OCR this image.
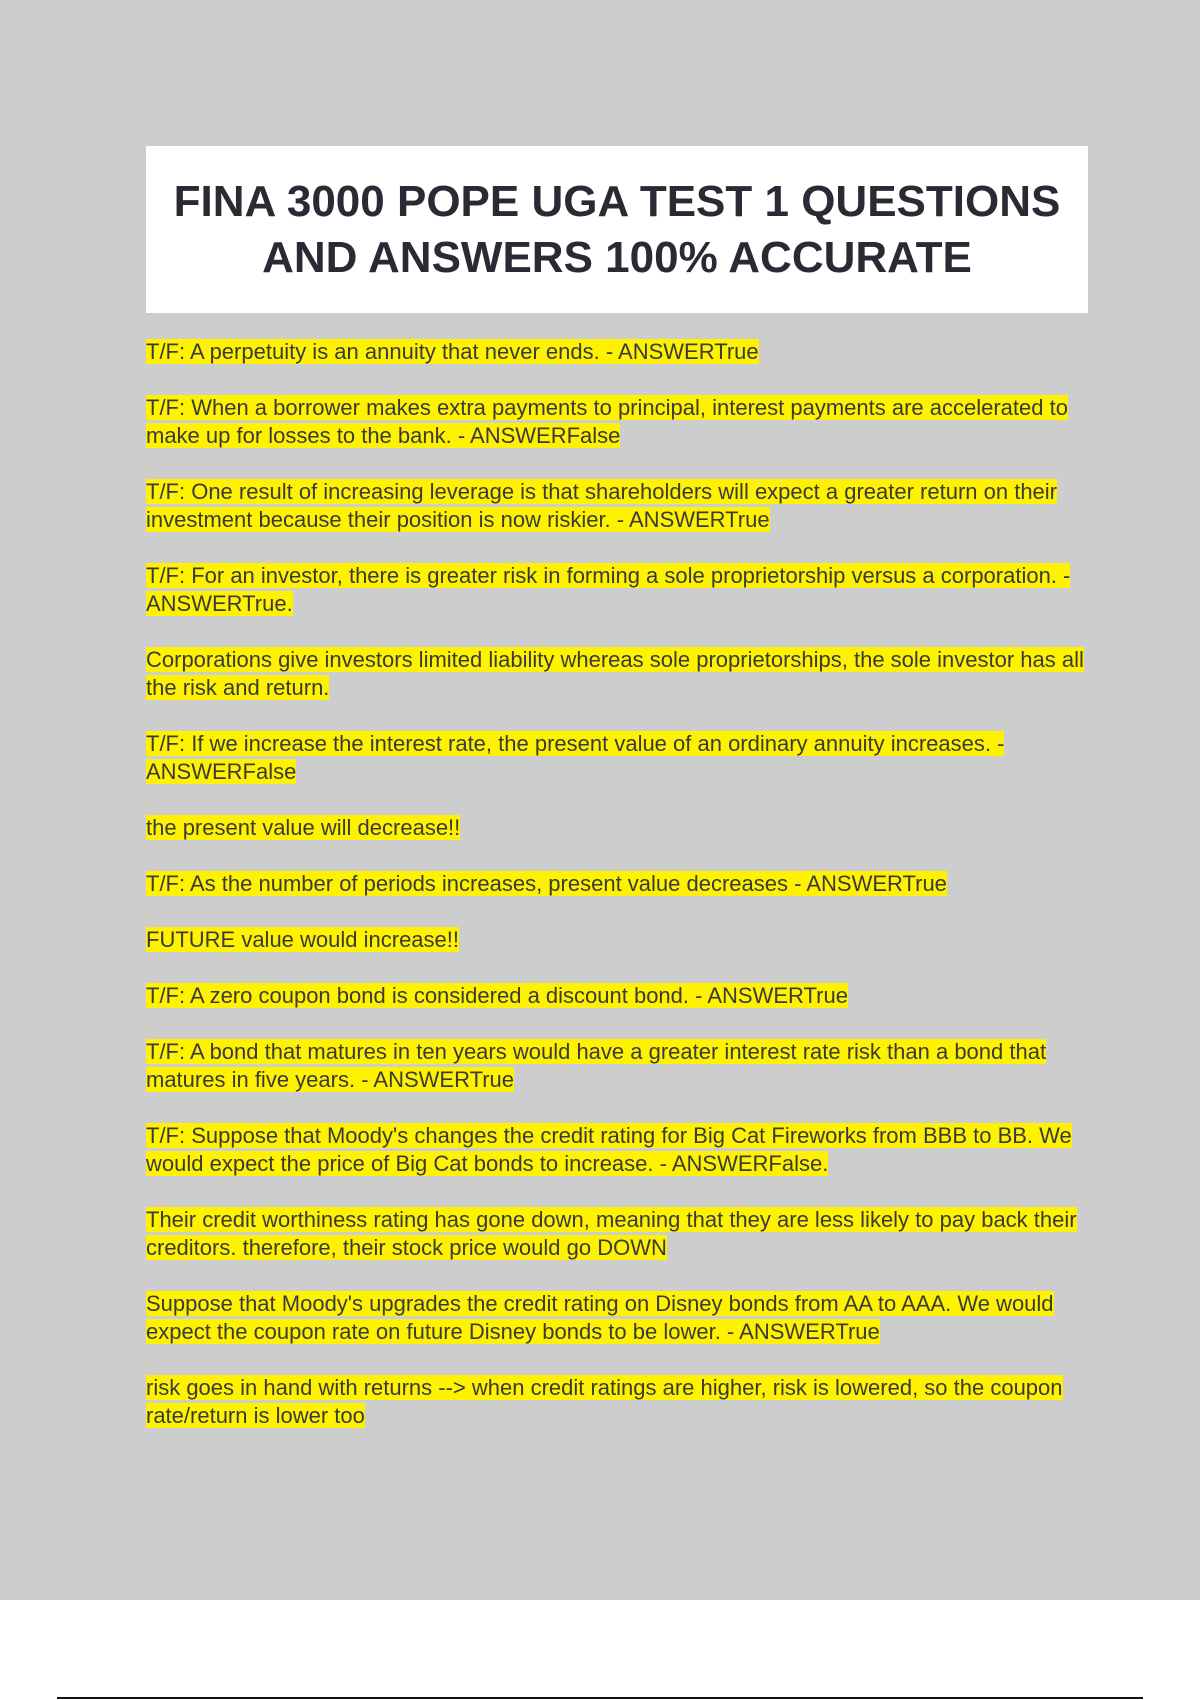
FINA 3000 POPE UGA TEST 1 QUESTIONS AND ANSWERS 100% ACCURATE

T/F: A perpetuity is an annuity that never ends. - ANSWERTrue

T/F: When a borrower makes extra payments to principal, interest payments are accelerated to make up for losses to the bank. - ANSWERFalse

T/F: One result of increasing leverage is that shareholders will expect a greater return on their investment because their position is now riskier. - ANSWERTrue

T/F: For an investor, there is greater risk in forming a sole proprietorship versus a corporation. - ANSWERTrue.

Corporations give investors limited liability whereas sole proprietorships, the sole investor has all the risk and return.

T/F: If we increase the interest rate, the present value of an ordinary annuity increases. - ANSWERFalse

the present value will decrease!!

T/F: As the number of periods increases, present value decreases - ANSWERTrue

FUTURE value would increase!!

T/F: A zero coupon bond is considered a discount bond. - ANSWERTrue

T/F: A bond that matures in ten years would have a greater interest rate risk than a bond that matures in five years. - ANSWERTrue

T/F: Suppose that Moody's changes the credit rating for Big Cat Fireworks from BBB to BB. We would expect the price of Big Cat bonds to increase. - ANSWERFalse.

Their credit worthiness rating has gone down, meaning that they are less likely to pay back their creditors. therefore, their stock price would go DOWN

Suppose that Moody's upgrades the credit rating on Disney bonds from AA to AAA. We would expect the coupon rate on future Disney bonds to be lower. - ANSWERTrue

risk goes in hand with returns --> when credit ratings are higher, risk is lowered, so the coupon rate/return is lower too
